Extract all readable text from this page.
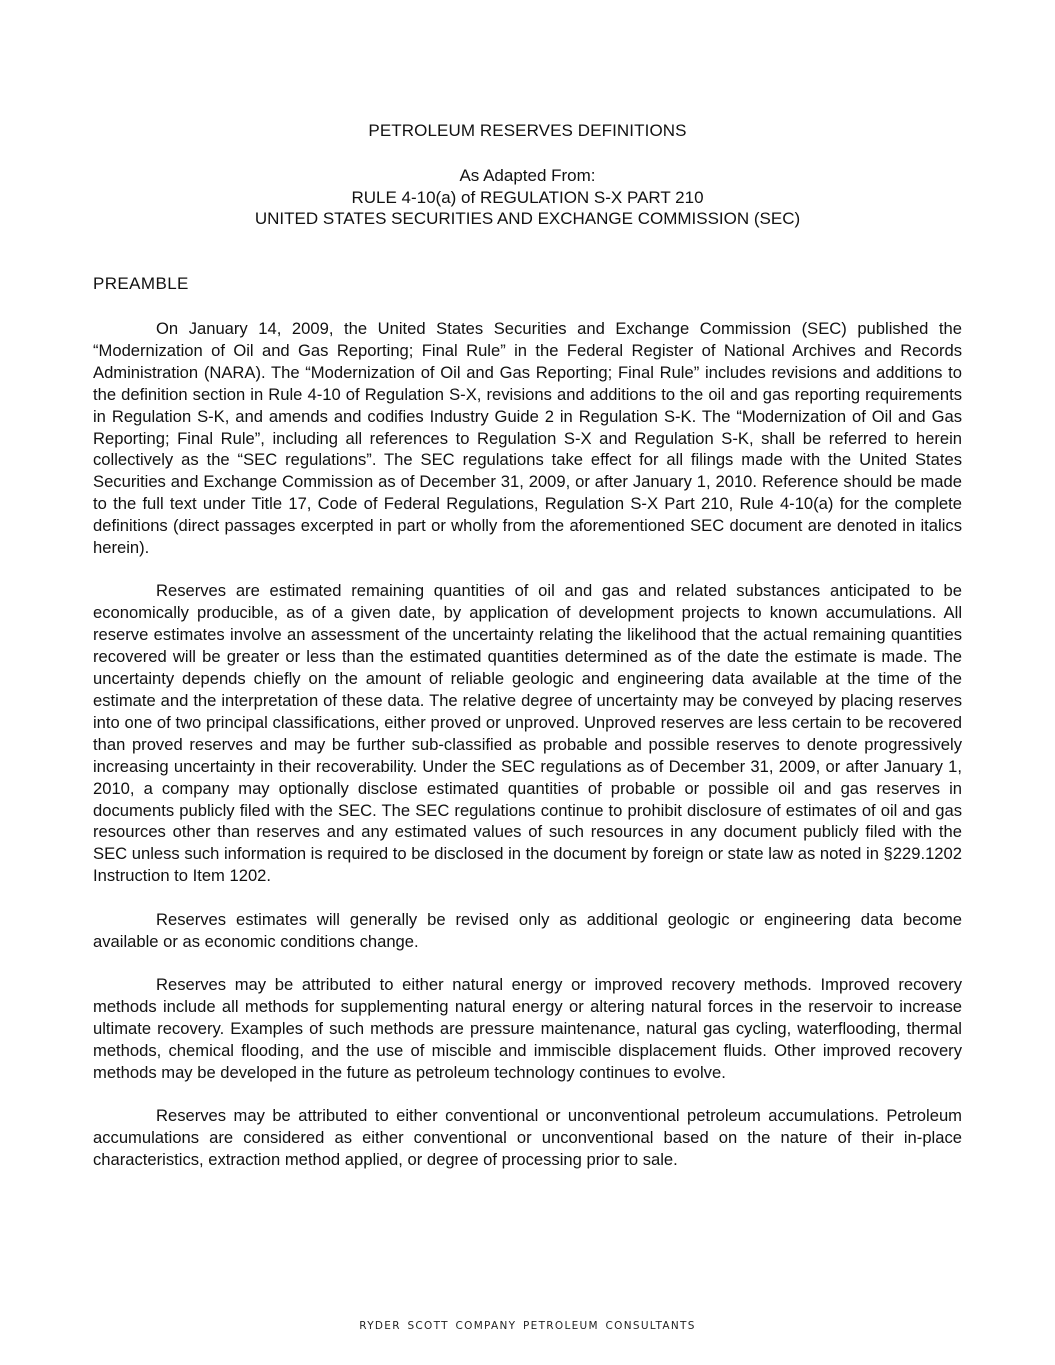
PETROLEUM RESERVES DEFINITIONS
As Adapted From:
RULE 4-10(a) of REGULATION S-X PART 210
UNITED STATES SECURITIES AND EXCHANGE COMMISSION (SEC)
PREAMBLE

On January 14, 2009, the United States Securities and Exchange Commission (SEC) published the “Modernization of Oil and Gas Reporting; Final Rule” in the Federal Register of National Archives and Records Administration (NARA). The “Modernization of Oil and Gas Reporting; Final Rule” includes revisions and additions to the definition section in Rule 4-10 of Regulation S-X, revisions and additions to the oil and gas reporting requirements in Regulation S-K, and amends and codifies Industry Guide 2 in Regulation S-K. The “Modernization of Oil and Gas Reporting; Final Rule”, including all references to Regulation S-X and Regulation S-K, shall be referred to herein collectively as the “SEC regulations”. The SEC regulations take effect for all filings made with the United States Securities and Exchange Commission as of December 31, 2009, or after January 1, 2010. Reference should be made to the full text under Title 17, Code of Federal Regulations, Regulation S-X Part 210, Rule 4-10(a) for the complete definitions (direct passages excerpted in part or wholly from the aforementioned SEC document are denoted in italics herein).

Reserves are estimated remaining quantities of oil and gas and related substances anticipated to be economically producible, as of a given date, by application of development projects to known accumulations. All reserve estimates involve an assessment of the uncertainty relating the likelihood that the actual remaining quantities recovered will be greater or less than the estimated quantities determined as of the date the estimate is made. The uncertainty depends chiefly on the amount of reliable geologic and engineering data available at the time of the estimate and the interpretation of these data. The relative degree of uncertainty may be conveyed by placing reserves into one of two principal classifications, either proved or unproved. Unproved reserves are less certain to be recovered than proved reserves and may be further sub-classified as probable and possible reserves to denote progressively increasing uncertainty in their recoverability. Under the SEC regulations as of December 31, 2009, or after January 1, 2010, a company may optionally disclose estimated quantities of probable or possible oil and gas reserves in documents publicly filed with the SEC. The SEC regulations continue to prohibit disclosure of estimates of oil and gas resources other than reserves and any estimated values of such resources in any document publicly filed with the SEC unless such information is required to be disclosed in the document by foreign or state law as noted in §229.1202 Instruction to Item 1202.

Reserves estimates will generally be revised only as additional geologic or engineering data become available or as economic conditions change.

Reserves may be attributed to either natural energy or improved recovery methods. Improved recovery methods include all methods for supplementing natural energy or altering natural forces in the reservoir to increase ultimate recovery. Examples of such methods are pressure maintenance, natural gas cycling, waterflooding, thermal methods, chemical flooding, and the use of miscible and immiscible displacement fluids. Other improved recovery methods may be developed in the future as petroleum technology continues to evolve.

Reserves may be attributed to either conventional or unconventional petroleum accumulations. Petroleum accumulations are considered as either conventional or unconventional based on the nature of their in-place characteristics, extraction method applied, or degree of processing prior to sale.

RYDER SCOTT COMPANY PETROLEUM CONSULTANTS
